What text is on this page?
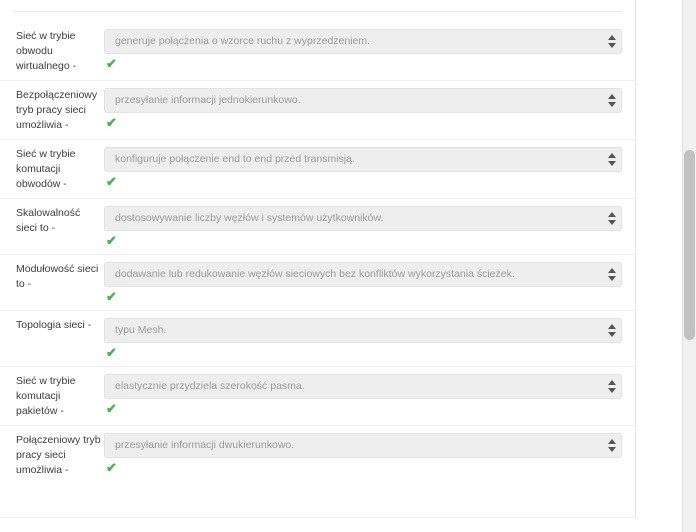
Sieć w trybie obwodu wirtualnego -
generuje połączenia o wzorce ruchu z wyprzedzeniem.
✔
Bezpołączeniowy tryb pracy sieci umożliwia -
przesyłanie informacji jednokierunkowo.
✔
Sieć w trybie komutacji obwodów -
konfiguruje połączenie end to end przed transmisją.
✔
Skalowalność sieci to -
dostosowywanie liczby węzłów i systemów użytkowników.
✔
Modułowość sieci to -
dodawanie lub redukowanie węzłów sieciowych bez konfliktów wykorzystania ścieżek.
✔
Topologia sieci -	typu Mesh.
✔
Sieć w trybie komutacji pakietów -
elastycznie przydziela szerokość pasma.
✔
Połączeniowy tryb pracy sieci umożliwia -
przesyłanie informacji dwukierunkowo.
✔
